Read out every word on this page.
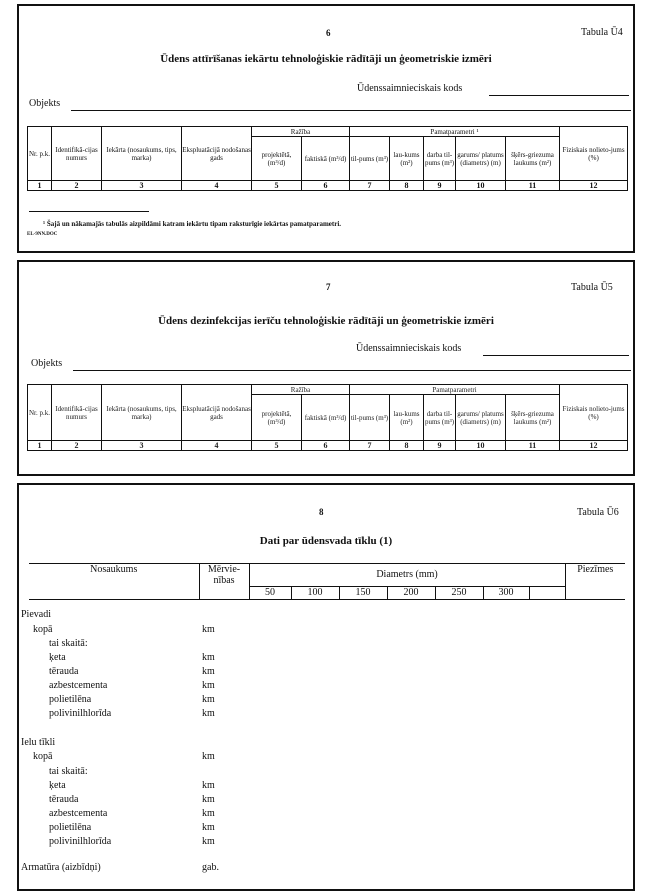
6	Tabula Ū4
Ūdens attīrīšanas iekārtu tehnoloģiskie rādītāji un ģeometriskie izmēri
Ūdenssaimnieciskais kods
Objekts
Nr. p.k.	Identifikā-cijas numurs	Iekārta (nosaukums, tips, marka)	Ekspluatācijā nodošanas gads	Ražība		Pamatparametri ¹					Fiziskais nolieto-jums (%)
				projektētā, (m³/d)	faktiskā (m³/d)	til-pums (m³)	lau-kums (m²)	darba til-pums (m³)	garums/ platums (diametrs) (m)	šķērs-griezuma laukums (m²)	
1	2	3	4	5	6	7	8	9	10	11	12
¹ Šajā un nākamajās tabulās aizpildāmi katram iekārtu tipam raksturīgie iekārtas pamatparametri.
EL-9NN.DOC
7	Tabula Ū5
Ūdens dezinfekcijas ierīču tehnoloģiskie rādītāji un ģeometriskie izmēri
Ūdenssaimnieciskais kods
Objekts
Nr. p.k.	Identifikā-cijas numurs	Iekārta (nosaukums, tips, marka)	Ekspluatācijā nodošanas gads	Ražība		Pamatparametri					Fiziskais nolieto-jums (%)
				projektētā, (m³/d)	faktiskā (m³/d)	til-pums (m³)	lau-kums (m²)	darba til-pums (m³)	garums/ platums (diametrs) (m)	šķērs-griezuma laukums (m²)	
1	2	3	4	5	6	7	8	9	10	11	12
8	Tabula Ū6
Dati par ūdensvada tīklu (1)
Nosaukums	Mērvie-nības	Diametrs (mm)							Piezīmes
		50	100	150	200	250	300		
Pievadi
kopā	km
tai skaitā:
ķeta	km
tērauda	km
azbestcementa	km
polietilēna	km
polivinilhlorīda	km
Ielu tīkli
kopā	km
tai skaitā:
ķeta	km
tērauda	km
azbestcementa	km
polietilēna	km
polivinilhlorīda	km
Armatūra (aizbīdņi)	gab.
